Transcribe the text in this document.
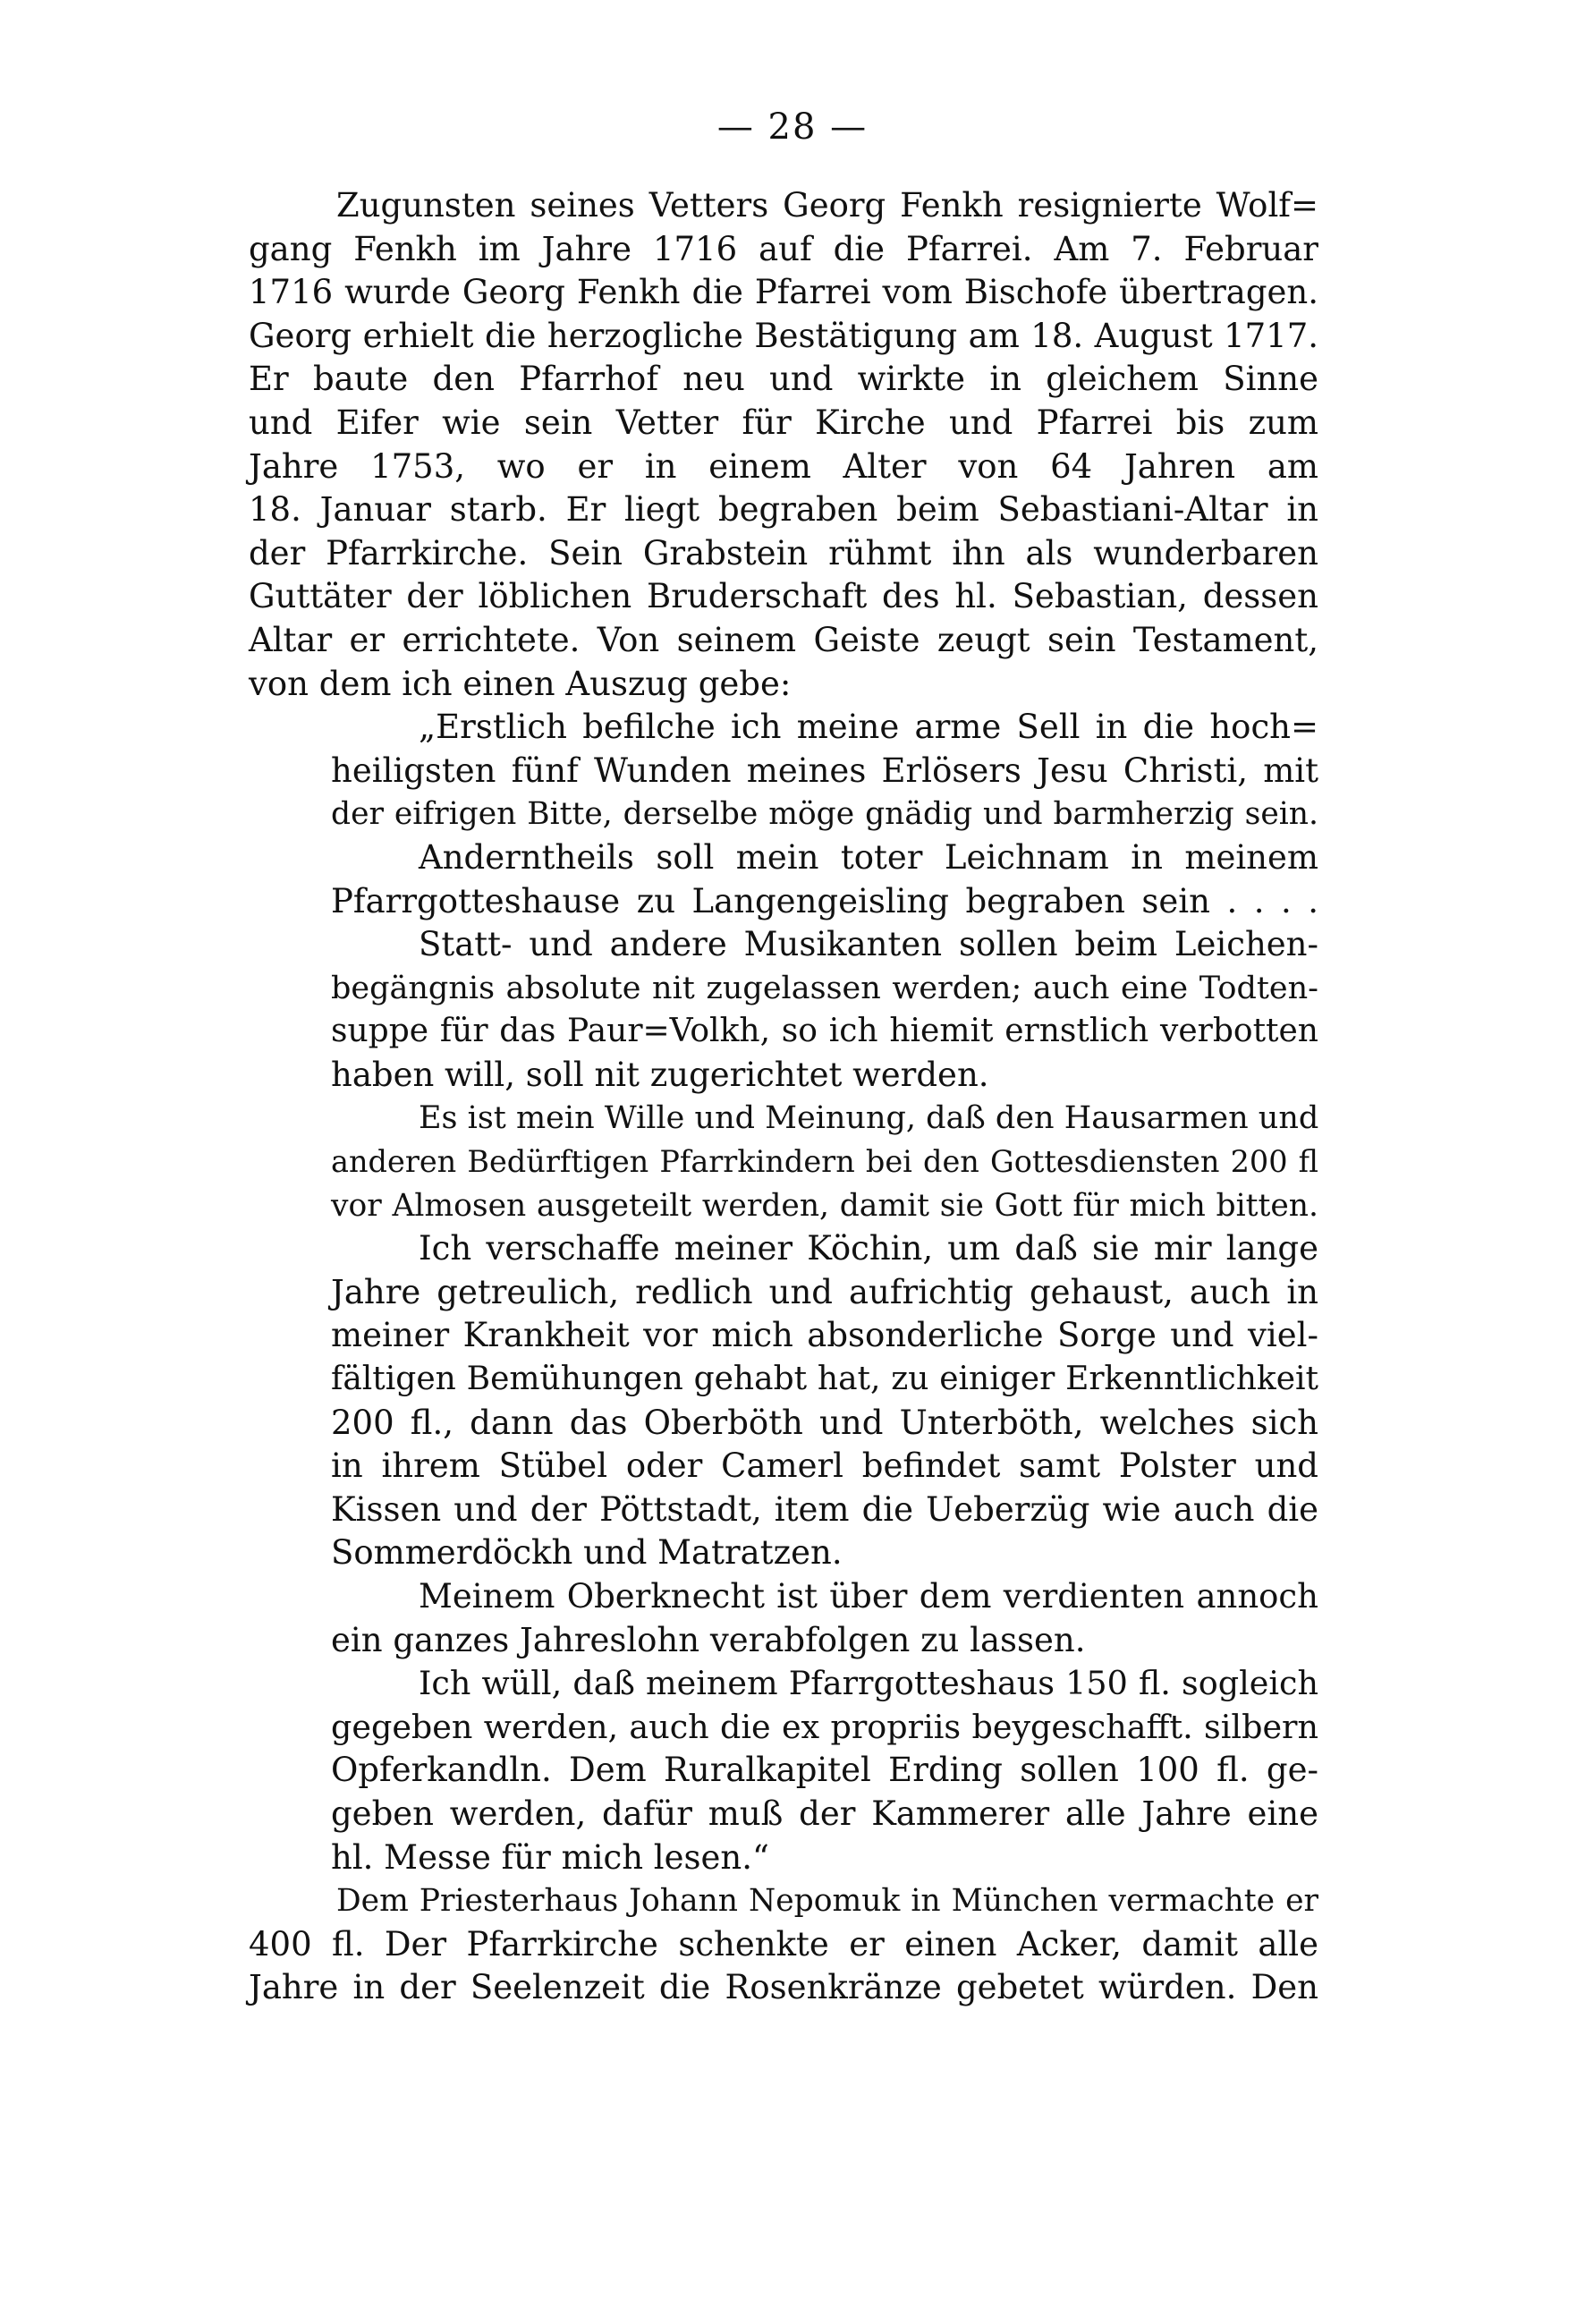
— 28 —
Zugunsten seines Vetters Georg Fenkh resignierte Wolf=
gang Fenkh im Jahre 1716 auf die Pfarrei. Am 7. Februar
1716 wurde Georg Fenkh die Pfarrei vom Bischofe übertragen.
Georg erhielt die herzogliche Bestätigung am 18. August 1717.
Er baute den Pfarrhof neu und wirkte in gleichem Sinne
und Eifer wie sein Vetter für Kirche und Pfarrei bis zum
Jahre 1753, wo er in einem Alter von 64 Jahren am
18. Januar starb. Er liegt begraben beim Sebastiani-Altar in
der Pfarrkirche. Sein Grabstein rühmt ihn als wunderbaren
Guttäter der löblichen Bruderschaft des hl. Sebastian, dessen
Altar er errichtete. Von seinem Geiste zeugt sein Testament,
von dem ich einen Auszug gebe:
„Erstlich befilche ich meine arme Sell in die hoch=
heiligsten fünf Wunden meines Erlösers Jesu Christi, mit
der eifrigen Bitte, derselbe möge gnädig und barmherzig sein.
Anderntheils soll mein toter Leichnam in meinem
Pfarrgotteshause zu Langengeisling begraben sein . . . .
Statt- und andere Musikanten sollen beim Leichen-
begängnis absolute nit zugelassen werden; auch eine Todten-
suppe für das Paur=Volkh, so ich hiemit ernstlich verbotten
haben will, soll nit zugerichtet werden.
Es ist mein Wille und Meinung, daß den Hausarmen und
anderen Bedürftigen Pfarrkindern bei den Gottesdiensten 200 fl
vor Almosen ausgeteilt werden, damit sie Gott für mich bitten.
Ich verschaffe meiner Köchin, um daß sie mir lange
Jahre getreulich, redlich und aufrichtig gehaust, auch in
meiner Krankheit vor mich absonderliche Sorge und viel-
fältigen Bemühungen gehabt hat, zu einiger Erkenntlichkeit
200 fl., dann das Oberböth und Unterböth, welches sich
in ihrem Stübel oder Camerl befindet samt Polster und
Kissen und der Pöttstadt, item die Ueberzüg wie auch die
Sommerdöckh und Matratzen.
Meinem Oberknecht ist über dem verdienten annoch
ein ganzes Jahreslohn verabfolgen zu lassen.
Ich wüll, daß meinem Pfarrgotteshaus 150 fl. sogleich
gegeben werden, auch die ex propriis beygeschafft. silbern
Opferkandln. Dem Ruralkapitel Erding sollen 100 fl. ge-
geben werden, dafür muß der Kammerer alle Jahre eine
hl. Messe für mich lesen.“
Dem Priesterhaus Johann Nepomuk in München vermachte er
400 fl. Der Pfarrkirche schenkte er einen Acker, damit alle
Jahre in der Seelenzeit die Rosenkränze gebetet würden. Den
